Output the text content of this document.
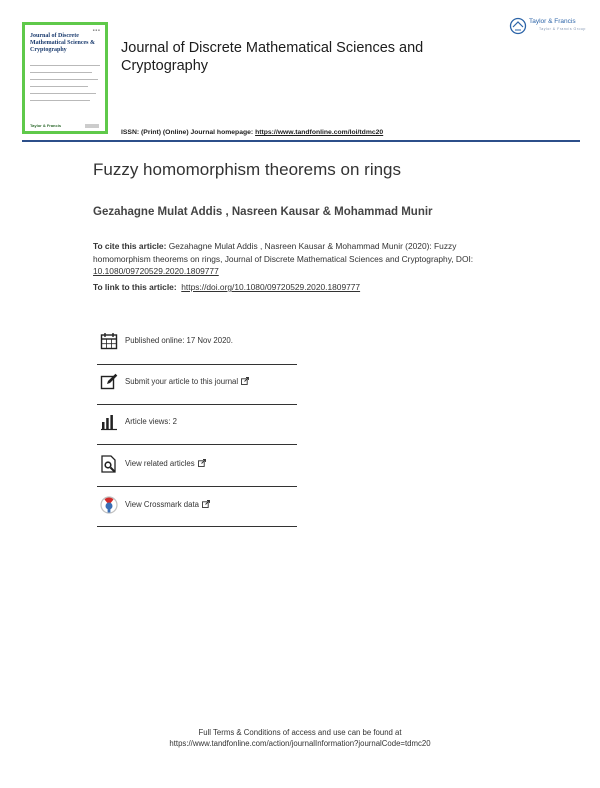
■ ■ ■
Journal of Discrete Mathematical Sciences & Cryptography
Taylor & Francis
Journal of Discrete Mathematical Sciences and Cryptography
ISSN: (Print) (Online) Journal homepage: https://www.tandfonline.com/loi/tdmc20
Taylor & Francis
Taylor & Francis Group
Fuzzy homomorphism theorems on rings
Gezahagne Mulat Addis , Nasreen Kausar & Mohammad Munir
To cite this article: Gezahagne Mulat Addis , Nasreen Kausar & Mohammad Munir (2020): Fuzzy homomorphism theorems on rings, Journal of Discrete Mathematical Sciences and Cryptography, DOI: 10.1080/09720529.2020.1809777
To link to this article: https://doi.org/10.1080/09720529.2020.1809777
Published online: 17 Nov 2020.
Submit your article to this journal
Article views: 2
View related articles
View Crossmark data
Full Terms & Conditions of access and use can be found at
https://www.tandfonline.com/action/journalInformation?journalCode=tdmc20
